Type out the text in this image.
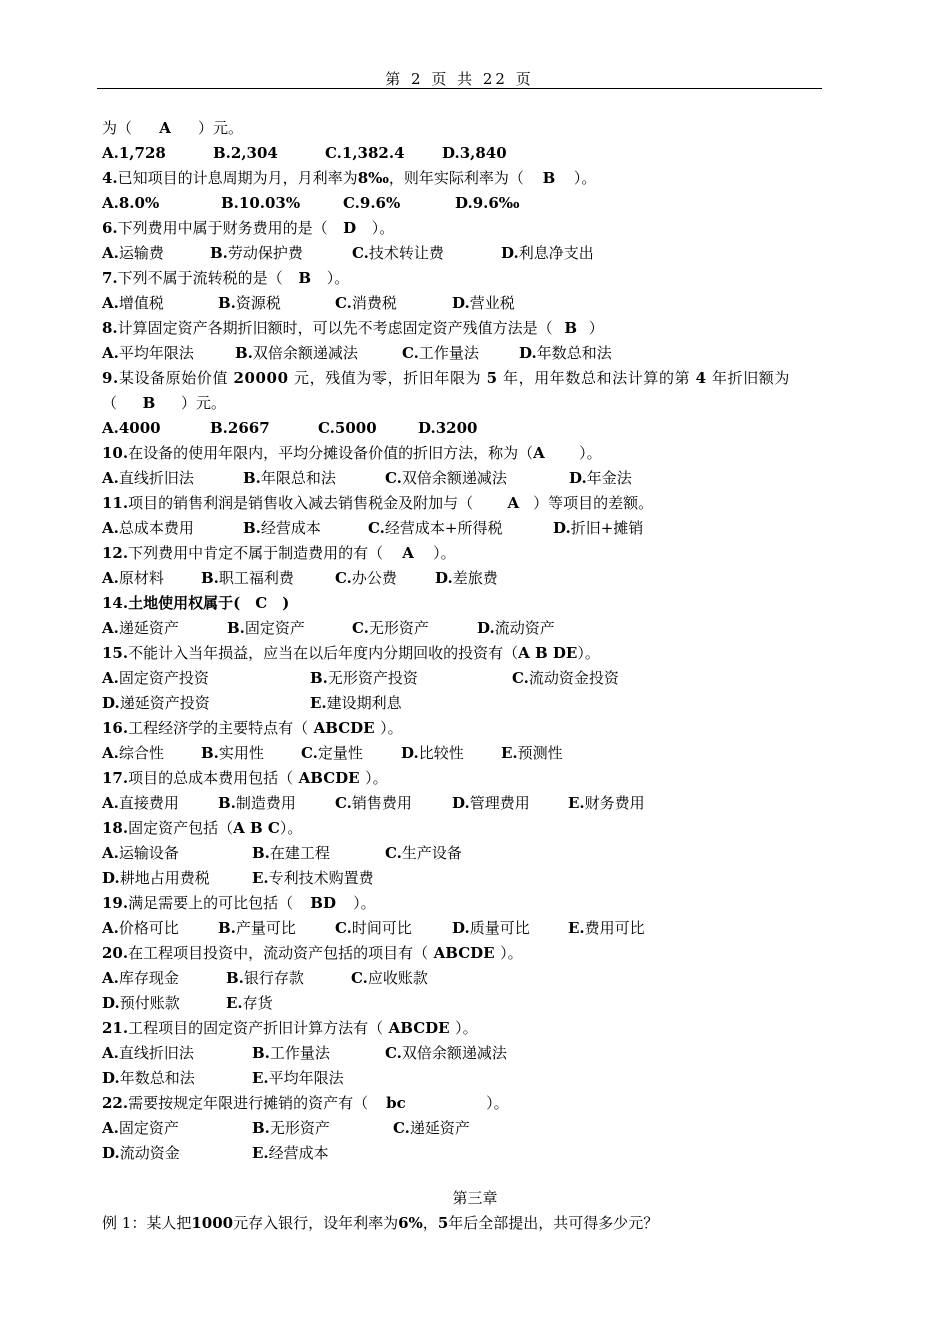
第 2 页 共 22 页
为（ A ）元。
A.1,728	B.2,304	C.1,382.4 D.3,840
4.已知项目的计息周期为月，月利率为8‰，则年实际利率为（ B ）。
A.8.0%	B.10.03%	C.9.6%	D.9.6‰
6.下列费用中属于财务费用的是（ D ）。
A.运输费	B.劳动保护费	C.技术转让费	D.利息净支出
7.下列不属于流转税的是（ B ）。
A.增值税	B.资源税	C.消费税	D.营业税
8.计算固定资产各期折旧额时，可以先不考虑固定资产残值方法是（ B ）
A.平均年限法	B.双倍余额递减法	C.工作量法	D.年数总和法
9.某设备原始价值 20000 元，残值为零，折旧年限为 5 年，用年数总和法计算的第 4 年折旧额为
（ B ）元。
A.4000	B.2667	C.5000	D.3200
10.在设备的使用年限内，平均分摊设备价值的折旧方法，称为（A ）。
A.直线折旧法	B.年限总和法	C.双倍余额递减法	D.年金法
11.项目的销售利润是销售收入减去销售税金及附加与（ A ）等项目的差额。
A.总成本费用	B.经营成本	C.经营成本+所得税	D.折旧+摊销
12.下列费用中肯定不属于制造费用的有（ A ）。
A.原材料 B.职工福利费	C.办公费	D.差旅费
14.土地使用权属于( C )
A.递延资产	B.固定资产	C.无形资产	D.流动资产
15.不能计入当年损益，应当在以后年度内分期回收的投资有（A B DE）。
A.固定资产投资	B.无形资产投资	C.流动资金投资
D.递延资产投资	E.建设期利息
16.工程经济学的主要特点有（ ABCDE ）。
A.综合性 B.实用性 C.定量性	D.比较性 E.预测性
17.项目的总成本费用包括（ ABCDE ）。
A.直接费用	B.制造费用	C.销售费用	D.管理费用	E.财务费用
18.固定资产包括（A B C）。
A.运输设备	B.在建工程	C.生产设备
D.耕地占用费税	E.专利技术购置费
19.满足需要上的可比包括（ BD ）。
A.价格可比	B.产量可比	C.时间可比	D.质量可比	E.费用可比
20.在工程项目投资中，流动资产包括的项目有（ ABCDE ）。
A.库存现金	B.银行存款	C.应收账款
D.预付账款	E.存货
21.工程项目的固定资产折旧计算方法有（ ABCDE ）。
A.直线折旧法	B.工作量法	C.双倍余额递减法
D.年数总和法	E.平均年限法
22.需要按规定年限进行摊销的资产有（ bc	）。
A.固定资产	B.无形资产	C.递延资产
D.流动资金	E.经营成本
第三章
例 1：某人把1000元存入银行，设年利率为6%，5年后全部提出，共可得多少元？
